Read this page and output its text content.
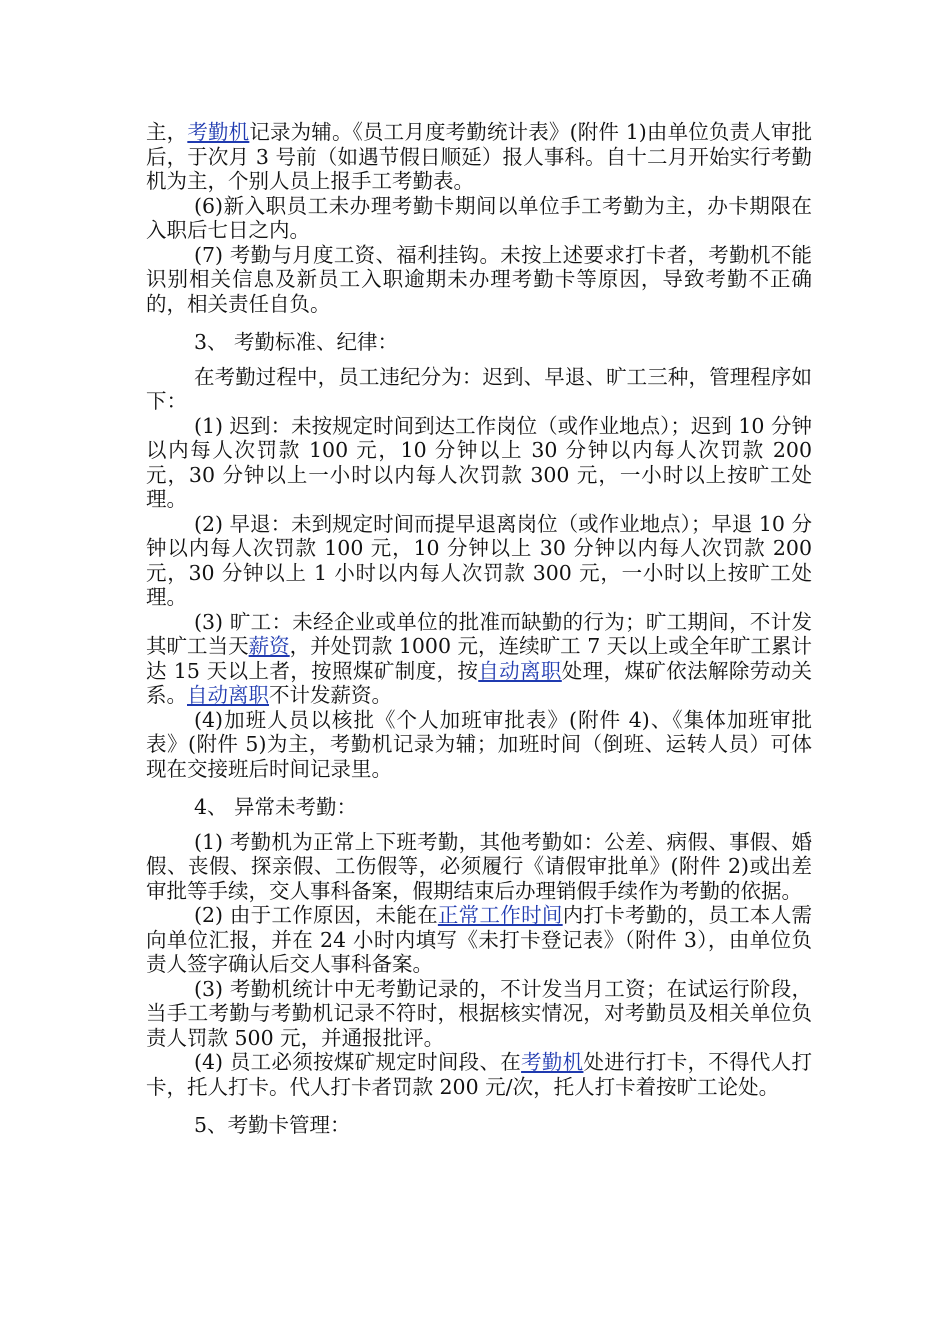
主，考勤机记录为辅。《员工月度考勤统计表》(附件 1)由单位负责人审批后，于次月 3 号前（如遇节假日顺延）报人事科。自十二月开始实行考勤机为主，个别人员上报手工考勤表。

(6)新入职员工未办理考勤卡期间以单位手工考勤为主，办卡期限在入职后七日之内。

(7) 考勤与月度工资、福利挂钩。未按上述要求打卡者，考勤机不能识别相关信息及新员工入职逾期未办理考勤卡等原因，导致考勤不正确的，相关责任自负。

3、 考勤标准、纪律：

在考勤过程中，员工违纪分为：迟到、早退、旷工三种，管理程序如下：

(1) 迟到：未按规定时间到达工作岗位（或作业地点）；迟到 10 分钟以内每人次罚款 100 元，10 分钟以上 30 分钟以内每人次罚款 200 元，30 分钟以上一小时以内每人次罚款 300 元，一小时以上按旷工处理。

(2) 早退：未到规定时间而提早退离岗位（或作业地点）；早退 10 分钟以内每人次罚款 100 元，10 分钟以上 30 分钟以内每人次罚款 200 元，30 分钟以上 1 小时以内每人次罚款 300 元，一小时以上按旷工处理。

(3) 旷工：未经企业或单位的批准而缺勤的行为；旷工期间，不计发其旷工当天薪资，并处罚款 1000 元，连续旷工 7 天以上或全年旷工累计达 15 天以上者，按照煤矿制度，按自动离职处理，煤矿依法解除劳动关系。自动离职不计发薪资。

(4)加班人员以核批《个人加班审批表》(附件 4)、《集体加班审批表》(附件 5)为主，考勤机记录为辅；加班时间（倒班、运转人员）可体现在交接班后时间记录里。

4、 异常未考勤：

(1) 考勤机为正常上下班考勤，其他考勤如：公差、病假、事假、婚假、丧假、探亲假、工伤假等，必须履行《请假审批单》(附件 2)或出差审批等手续，交人事科备案，假期结束后办理销假手续作为考勤的依据。

(2) 由于工作原因，未能在正常工作时间内打卡考勤的，员工本人需向单位汇报，并在 24 小时内填写《未打卡登记表》（附件 3），由单位负责人签字确认后交人事科备案。

(3) 考勤机统计中无考勤记录的，不计发当月工资；在试运行阶段，当手工考勤与考勤机记录不符时，根据核实情况，对考勤员及相关单位负责人罚款 500 元，并通报批评。

(4) 员工必须按煤矿规定时间段、在考勤机处进行打卡，不得代人打卡，托人打卡。代人打卡者罚款 200 元/次，托人打卡着按旷工论处。

5、考勤卡管理：
